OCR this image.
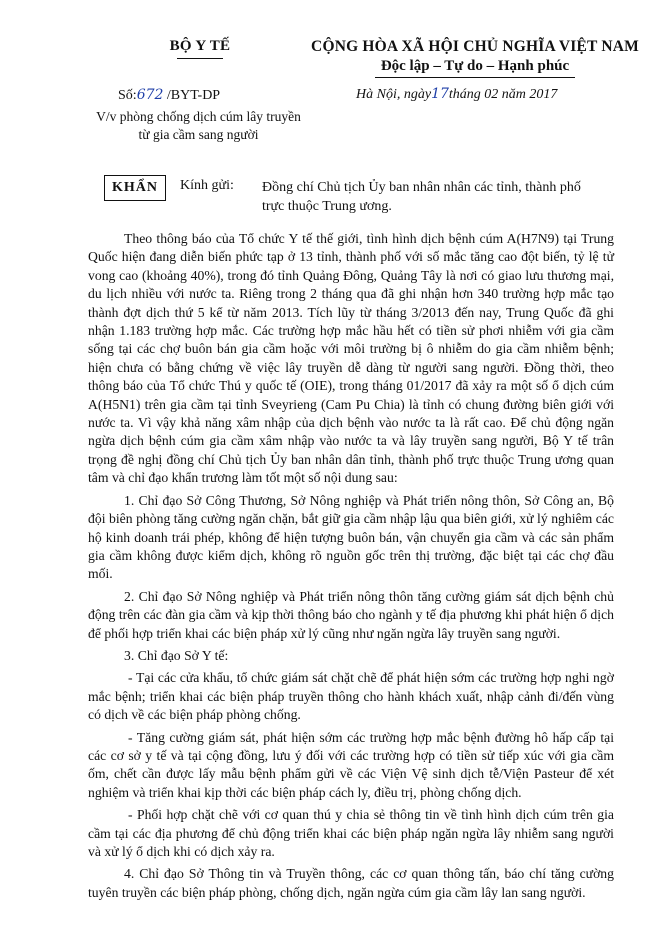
BỘ Y TẾ	CỘNG HÒA XÃ HỘI CHỦ NGHĨA VIỆT NAM
Độc lập – Tự do – Hạnh phúc
Số:672 /BYT-DP	Hà Nội, ngày17tháng 02 năm 2017
V/v phòng chống dịch cúm lây truyền từ gia cầm sang người
KHẨN	Kính gửi: Đồng chí Chủ tịch Ủy ban nhân nhân các tỉnh, thành phố trực thuộc Trung ương.

Theo thông báo của Tổ chức Y tế thế giới, tình hình dịch bệnh cúm A(H7N9) tại Trung Quốc hiện đang diễn biến phức tạp ở 13 tỉnh, thành phố với số mắc tăng cao đột biến, tỷ lệ tử vong cao (khoảng 40%), trong đó tỉnh Quảng Đông, Quảng Tây là nơi có giao lưu thương mại, du lịch nhiều với nước ta. Riêng trong 2 tháng qua đã ghi nhận hơn 340 trường hợp mắc tạo thành đợt dịch thứ 5 kể từ năm 2013. Tích lũy từ tháng 3/2013 đến nay, Trung Quốc đã ghi nhận 1.183 trường hợp mắc. Các trường hợp mắc hầu hết có tiền sử phơi nhiễm với gia cầm sống tại các chợ buôn bán gia cầm hoặc với môi trường bị ô nhiễm do gia cầm nhiễm bệnh; hiện chưa có bằng chứng về việc lây truyền dễ dàng từ người sang người. Đồng thời, theo thông báo của Tổ chức Thú y quốc tế (OIE), trong tháng 01/2017 đã xảy ra một số ổ dịch cúm A(H5N1) trên gia cầm tại tỉnh Sveyrieng (Cam Pu Chia) là tỉnh có chung đường biên giới với nước ta. Vì vậy khả năng xâm nhập của dịch bệnh vào nước ta là rất cao. Để chủ động ngăn ngừa dịch bệnh cúm gia cầm xâm nhập vào nước ta và lây truyền sang người, Bộ Y tế trân trọng đề nghị đồng chí Chủ tịch Ủy ban nhân dân tỉnh, thành phố trực thuộc Trung ương quan tâm và chỉ đạo khẩn trương làm tốt một số nội dung sau:

1. Chỉ đạo Sở Công Thương, Sở Nông nghiệp và Phát triển nông thôn, Sở Công an, Bộ đội biên phòng tăng cường ngăn chặn, bắt giữ gia cầm nhập lậu qua biên giới, xử lý nghiêm các hộ kinh doanh trái phép, không để hiện tượng buôn bán, vận chuyển gia cầm và các sản phẩm gia cầm không được kiểm dịch, không rõ nguồn gốc trên thị trường, đặc biệt tại các chợ đầu mối.

2. Chỉ đạo Sở Nông nghiệp và Phát triển nông thôn tăng cường giám sát dịch bệnh chủ động trên các đàn gia cầm và kịp thời thông báo cho ngành y tế địa phương khi phát hiện ổ dịch để phối hợp triển khai các biện pháp xử lý cũng như ngăn ngừa lây truyền sang người.

3. Chỉ đạo Sở Y tế:

- Tại các cửa khẩu, tổ chức giám sát chặt chẽ để phát hiện sớm các trường hợp nghi ngờ mắc bệnh; triển khai các biện pháp truyền thông cho hành khách xuất, nhập cảnh đi/đến vùng có dịch về các biện pháp phòng chống.

- Tăng cường giám sát, phát hiện sớm các trường hợp mắc bệnh đường hô hấp cấp tại các cơ sở y tế và tại cộng đồng, lưu ý đối với các trường hợp có tiền sử tiếp xúc với gia cầm ốm, chết cần được lấy mẫu bệnh phẩm gửi về các Viện Vệ sinh dịch tễ/Viện Pasteur để xét nghiệm và triển khai kịp thời các biện pháp cách ly, điều trị, phòng chống dịch.

- Phối hợp chặt chẽ với cơ quan thú y chia sẻ thông tin về tình hình dịch cúm trên gia cầm tại các địa phương để chủ động triển khai các biện pháp ngăn ngừa lây nhiễm sang người và xử lý ổ dịch khi có dịch xảy ra.

4. Chỉ đạo Sở Thông tin và Truyền thông, các cơ quan thông tấn, báo chí tăng cường tuyên truyền các biện pháp phòng, chống dịch, ngăn ngừa cúm gia cầm lây lan sang người.
